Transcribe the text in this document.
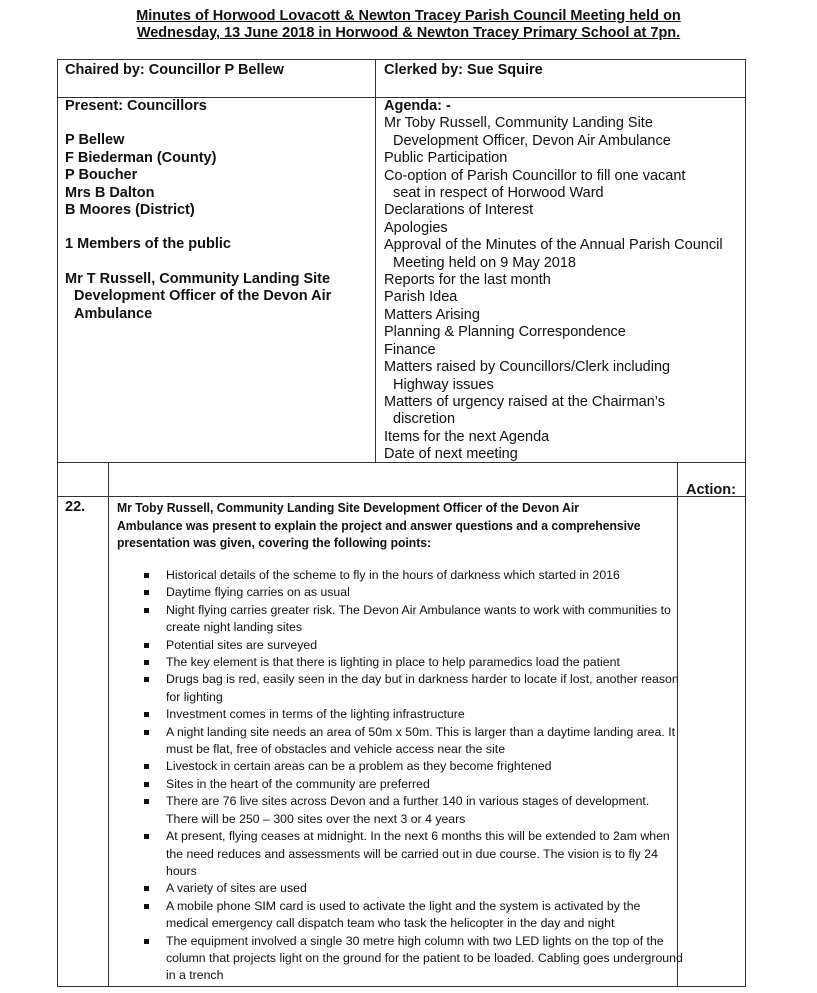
Minutes of Horwood Lovacott & Newton Tracey Parish Council Meeting held on
Wednesday, 13 June 2018 in Horwood & Newton Tracey Primary School at 7pn.
Chaired by: Councillor P Bellew	Clerked by: Sue Squire
Present: Councillors
P Bellew
F Biederman (County)
P Boucher
Mrs B Dalton
B Moores (District)
1 Members of the public
Mr T Russell, Community Landing Site
Development Officer of the Devon Air
Ambulance
Agenda: -
Mr Toby Russell, Community Landing Site
Development Officer, Devon Air Ambulance
Public Participation
Co-option of Parish Councillor to fill one vacant
seat in respect of Horwood Ward
Declarations of Interest
Apologies
Approval of the Minutes of the Annual Parish Council
Meeting held on 9 May 2018
Reports for the last month
Parish Idea
Matters Arising
Planning & Planning Correspondence
Finance
Matters raised by Councillors/Clerk including
Highway issues
Matters of urgency raised at the Chairman’s
discretion
Items for the next Agenda
Date of next meeting
Action:
22. Mr Toby Russell, Community Landing Site Development Officer of the Devon Air Ambulance was present to explain the project and answer questions and a comprehensive presentation was given, covering the following points:
Historical details of the scheme to fly in the hours of darkness which started in 2016
Daytime flying carries on as usual
Night flying carries greater risk. The Devon Air Ambulance wants to work with communities to create night landing sites
Potential sites are surveyed
The key element is that there is lighting in place to help paramedics load the patient
Drugs bag is red, easily seen in the day but in darkness harder to locate if lost, another reason for lighting
Investment comes in terms of the lighting infrastructure
A night landing site needs an area of 50m x 50m. This is larger than a daytime landing area. It must be flat, free of obstacles and vehicle access near the site
Livestock in certain areas can be a problem as they become frightened
Sites in the heart of the community are preferred
There are 76 live sites across Devon and a further 140 in various stages of development. There will be 250 – 300 sites over the next 3 or 4 years
At present, flying ceases at midnight. In the next 6 months this will be extended to 2am when the need reduces and assessments will be carried out in due course. The vision is to fly 24 hours
A variety of sites are used
A mobile phone SIM card is used to activate the light and the system is activated by the medical emergency call dispatch team who task the helicopter in the day and night
The equipment involved a single 30 metre high column with two LED lights on the top of the column that projects light on the ground for the patient to be loaded. Cabling goes underground in a trench
